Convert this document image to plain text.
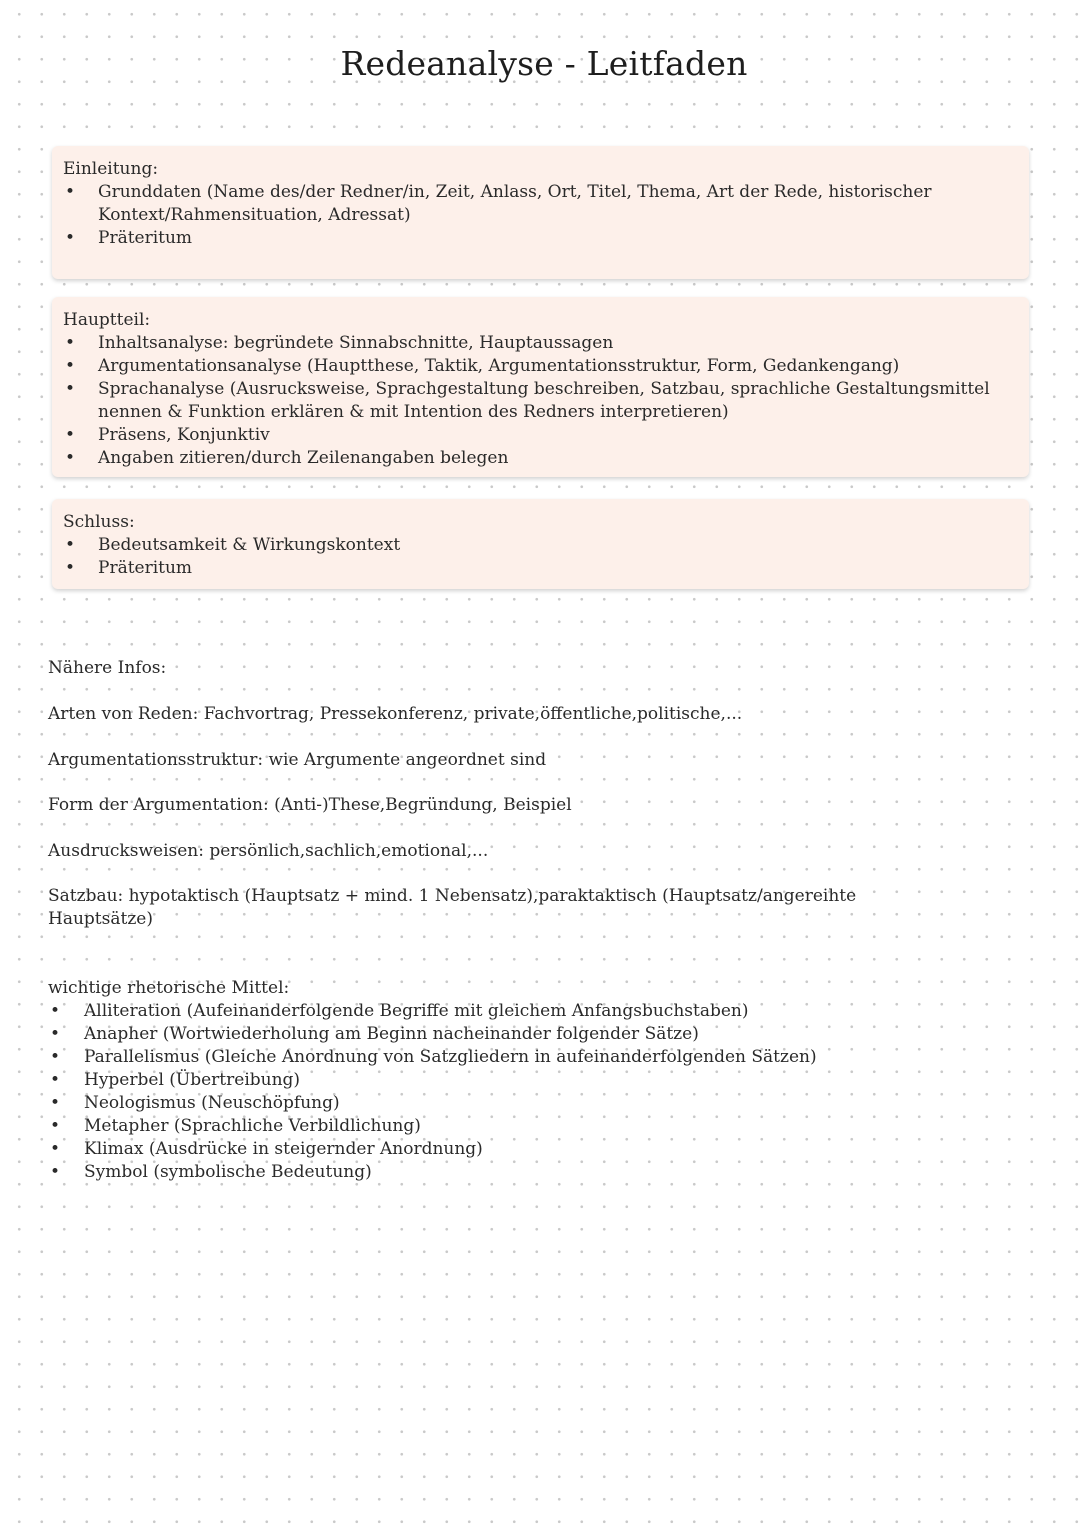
Redeanalyse - Leitfaden

Einleitung:

• Grunddaten (Name des/der Redner/in, Zeit, Anlass, Ort, Titel, Thema, Art der Rede, historischer Kontext/Rahmensituation, Adressat)
• Präteritum

Hauptteil:

• Inhaltsanalyse: begründete Sinnabschnitte, Hauptaussagen
• Argumentationsanalyse (Hauptthese, Taktik, Argumentationsstruktur, Form, Gedankengang)
• Sprachanalyse (Ausrucksweise, Sprachgestaltung beschreiben, Satzbau, sprachliche Gestaltungsmittel nennen & Funktion erklären & mit Intention des Redners interpretieren)
• Präsens, Konjunktiv
• Angaben zitieren/durch Zeilenangaben belegen

Schluss:

• Bedeutsamkeit & Wirkungskontext
• Präteritum

Nähere Infos:

Arten von Reden: Fachvortrag, Pressekonferenz, private,öffentliche,politische,...

Argumentationsstruktur: wie Argumente angeordnet sind

Form der Argumentation: (Anti-)These,Begründung, Beispiel

Ausdrucksweisen: persönlich,sachlich,emotional,...

Satzbau: hypotaktisch (Hauptsatz + mind. 1 Nebensatz),paraktaktisch (Hauptsatz/angereihte Hauptsätze)

wichtige rhetorische Mittel:

• Alliteration (Aufeinanderfolgende Begriffe mit gleichem Anfangsbuchstaben)
• Anapher (Wortwiederholung am Beginn nacheinander folgender Sätze)
• Parallelismus (Gleiche Anordnung von Satzgliedern in aufeinanderfolgenden Sätzen)
• Hyperbel (Übertreibung)
• Neologismus (Neuschöpfung)
• Metapher (Sprachliche Verbildlichung)
• Klimax (Ausdrücke in steigernder Anordnung)
• Symbol (symbolische Bedeutung)
